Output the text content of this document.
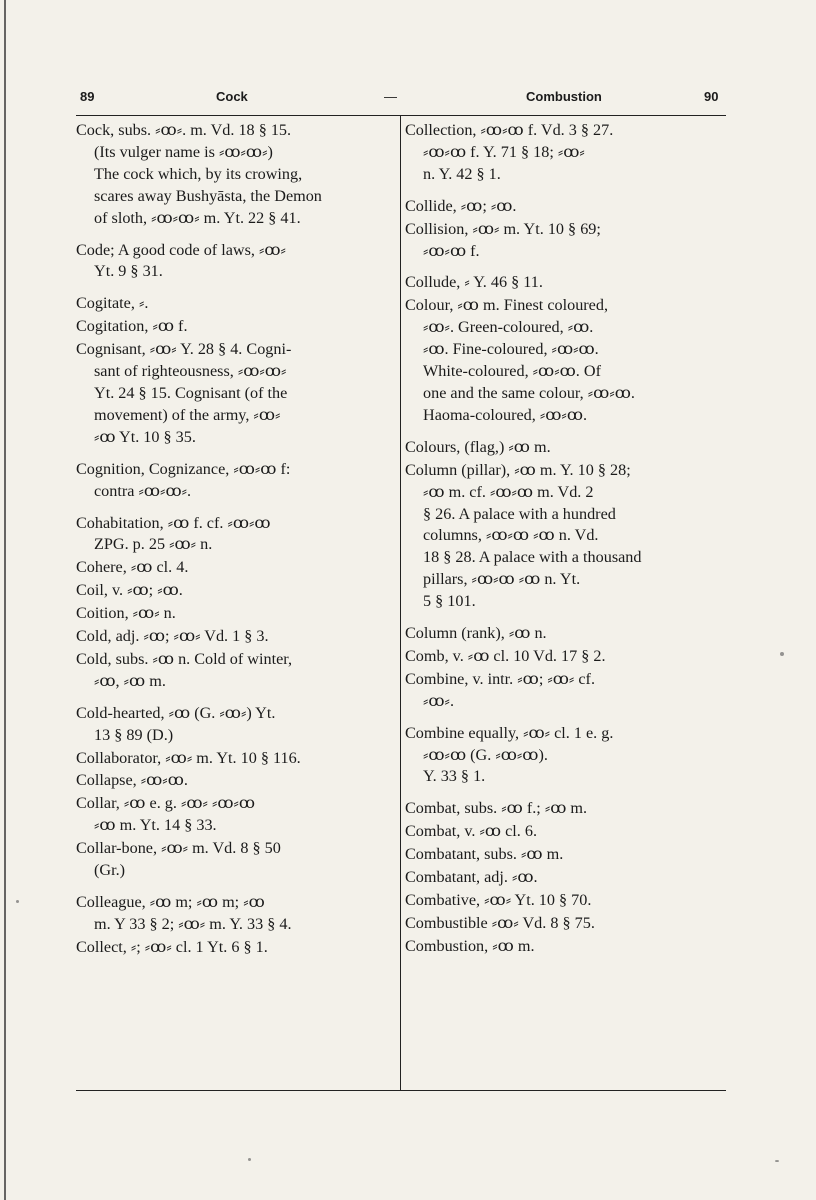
89	Cock	—	Combustion	90
Cock, subs. ⸗ꝏ⸗. m. Vd. 18 § 15.
(Its vulger name is ⸗ꝏ⸗ꝏ⸗)
The cock which, by its crowing,
scares away Bushyāsta, the Demon
of sloth, ⸗ꝏ⸗ꝏ⸗ m. Yt. 22 § 41.
Code; A good code of laws, ⸗ꝏ⸗
Yt. 9 § 31.
Cogitate, ⸗.
Cogitation, ⸗ꝏ f.
Cognisant, ⸗ꝏ⸗ Y. 28 § 4. Cogni-
sant of righteousness, ⸗ꝏ⸗ꝏ⸗
Yt. 24 § 15. Cognisant (of the
movement) of the army, ⸗ꝏ⸗
⸗ꝏ Yt. 10 § 35.
Cognition, Cognizance, ⸗ꝏ⸗ꝏ f:
contra ⸗ꝏ⸗ꝏ⸗.
Cohabitation, ⸗ꝏ f. cf. ⸗ꝏ⸗ꝏ
ZPG. p. 25 ⸗ꝏ⸗ n.
Cohere, ⸗ꝏ cl. 4.
Coil, v. ⸗ꝏ; ⸗ꝏ.
Coition, ⸗ꝏ⸗ n.
Cold, adj. ⸗ꝏ; ⸗ꝏ⸗ Vd. 1 § 3.
Cold, subs. ⸗ꝏ n. Cold of winter,
⸗ꝏ, ⸗ꝏ m.
Cold-hearted, ⸗ꝏ (G. ⸗ꝏ⸗) Yt.
13 § 89 (D.)
Collaborator, ⸗ꝏ⸗ m. Yt. 10 § 116.
Collapse, ⸗ꝏ⸗ꝏ.
Collar, ⸗ꝏ e. g. ⸗ꝏ⸗ ⸗ꝏ⸗ꝏ
⸗ꝏ m. Yt. 14 § 33.
Collar-bone, ⸗ꝏ⸗ m. Vd. 8 § 50
(Gr.)
Colleague, ⸗ꝏ m; ⸗ꝏ m; ⸗ꝏ
m. Y 33 § 2; ⸗ꝏ⸗ m. Y. 33 § 4.
Collect, ⸗; ⸗ꝏ⸗ cl. 1 Yt. 6 § 1.
Collection, ⸗ꝏ⸗ꝏ f. Vd. 3 § 27.
⸗ꝏ⸗ꝏ f. Y. 71 § 18; ⸗ꝏ⸗
n. Y. 42 § 1.
Collide, ⸗ꝏ; ⸗ꝏ.
Collision, ⸗ꝏ⸗ m. Yt. 10 § 69;
⸗ꝏ⸗ꝏ f.
Collude, ⸗ Y. 46 § 11.
Colour, ⸗ꝏ m. Finest coloured,
⸗ꝏ⸗. Green-coloured, ⸗ꝏ.
⸗ꝏ. Fine-coloured, ⸗ꝏ⸗ꝏ.
White-coloured, ⸗ꝏ⸗ꝏ. Of
one and the same colour, ⸗ꝏ⸗ꝏ.
Haoma-coloured, ⸗ꝏ⸗ꝏ.
Colours, (flag,) ⸗ꝏ m.
Column (pillar), ⸗ꝏ m. Y. 10 § 28;
⸗ꝏ m. cf. ⸗ꝏ⸗ꝏ m. Vd. 2
§ 26. A palace with a hundred
columns, ⸗ꝏ⸗ꝏ ⸗ꝏ n. Vd.
18 § 28. A palace with a thousand
pillars, ⸗ꝏ⸗ꝏ ⸗ꝏ n. Yt.
5 § 101.
Column (rank), ⸗ꝏ n.
Comb, v. ⸗ꝏ cl. 10 Vd. 17 § 2.
Combine, v. intr. ⸗ꝏ; ⸗ꝏ⸗ cf.
⸗ꝏ⸗.
Combine equally, ⸗ꝏ⸗ cl. 1 e. g.
⸗ꝏ⸗ꝏ (G. ⸗ꝏ⸗ꝏ).
Y. 33 § 1.
Combat, subs. ⸗ꝏ f.; ⸗ꝏ m.
Combat, v. ⸗ꝏ cl. 6.
Combatant, subs. ⸗ꝏ m.
Combatant, adj. ⸗ꝏ.
Combative, ⸗ꝏ⸗ Yt. 10 § 70.
Combustible ⸗ꝏ⸗ Vd. 8 § 75.
Combustion, ⸗ꝏ m.
